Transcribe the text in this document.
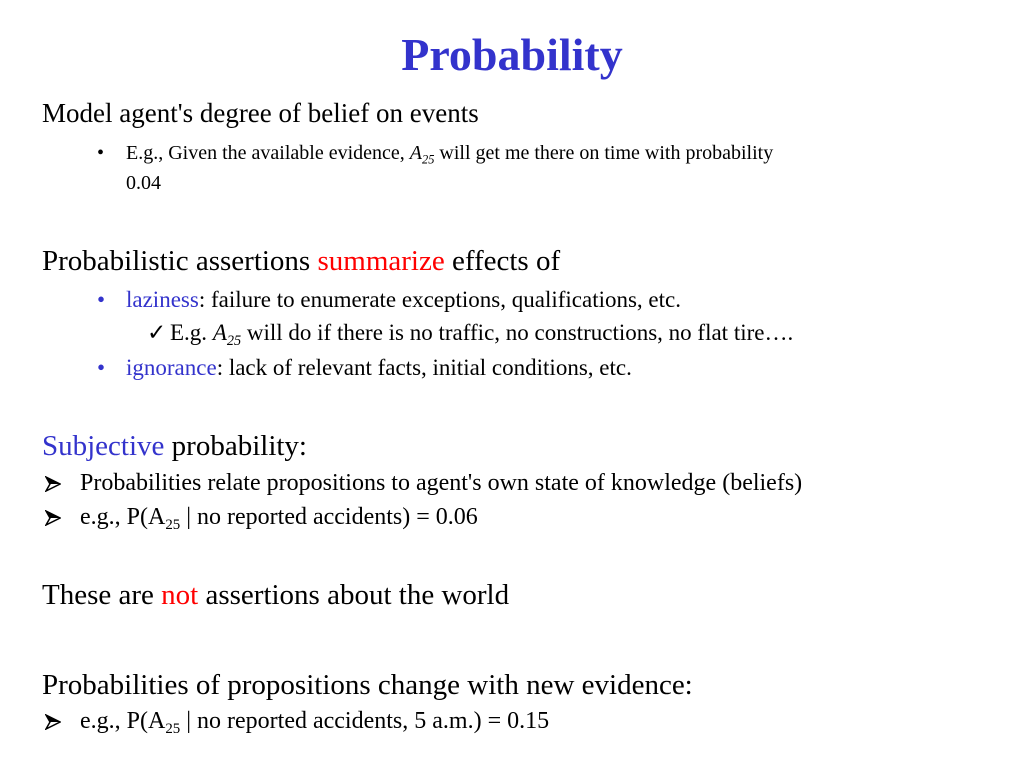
Probability
Model agent's degree of belief on events
• E.g., Given the available evidence, $A_{25}$ will get me there on time with probability
0.04
Probabilistic assertions summarize effects of
• laziness: failure to enumerate exceptions, qualifications, etc.
✓ E.g. $A_{25}$ will do if there is no traffic, no constructions, no flat tire….
• ignorance: lack of relevant facts, initial conditions, etc.
Subjective probability:
Probabilities relate propositions to agent's own state of knowledge (beliefs)
e.g., $P(A_{25}$ | no reported accidents) = 0.06
These are not assertions about the world
Probabilities of propositions change with new evidence:
e.g., $P(A_{25}$ | no reported accidents, 5 a.m.) = 0.15
